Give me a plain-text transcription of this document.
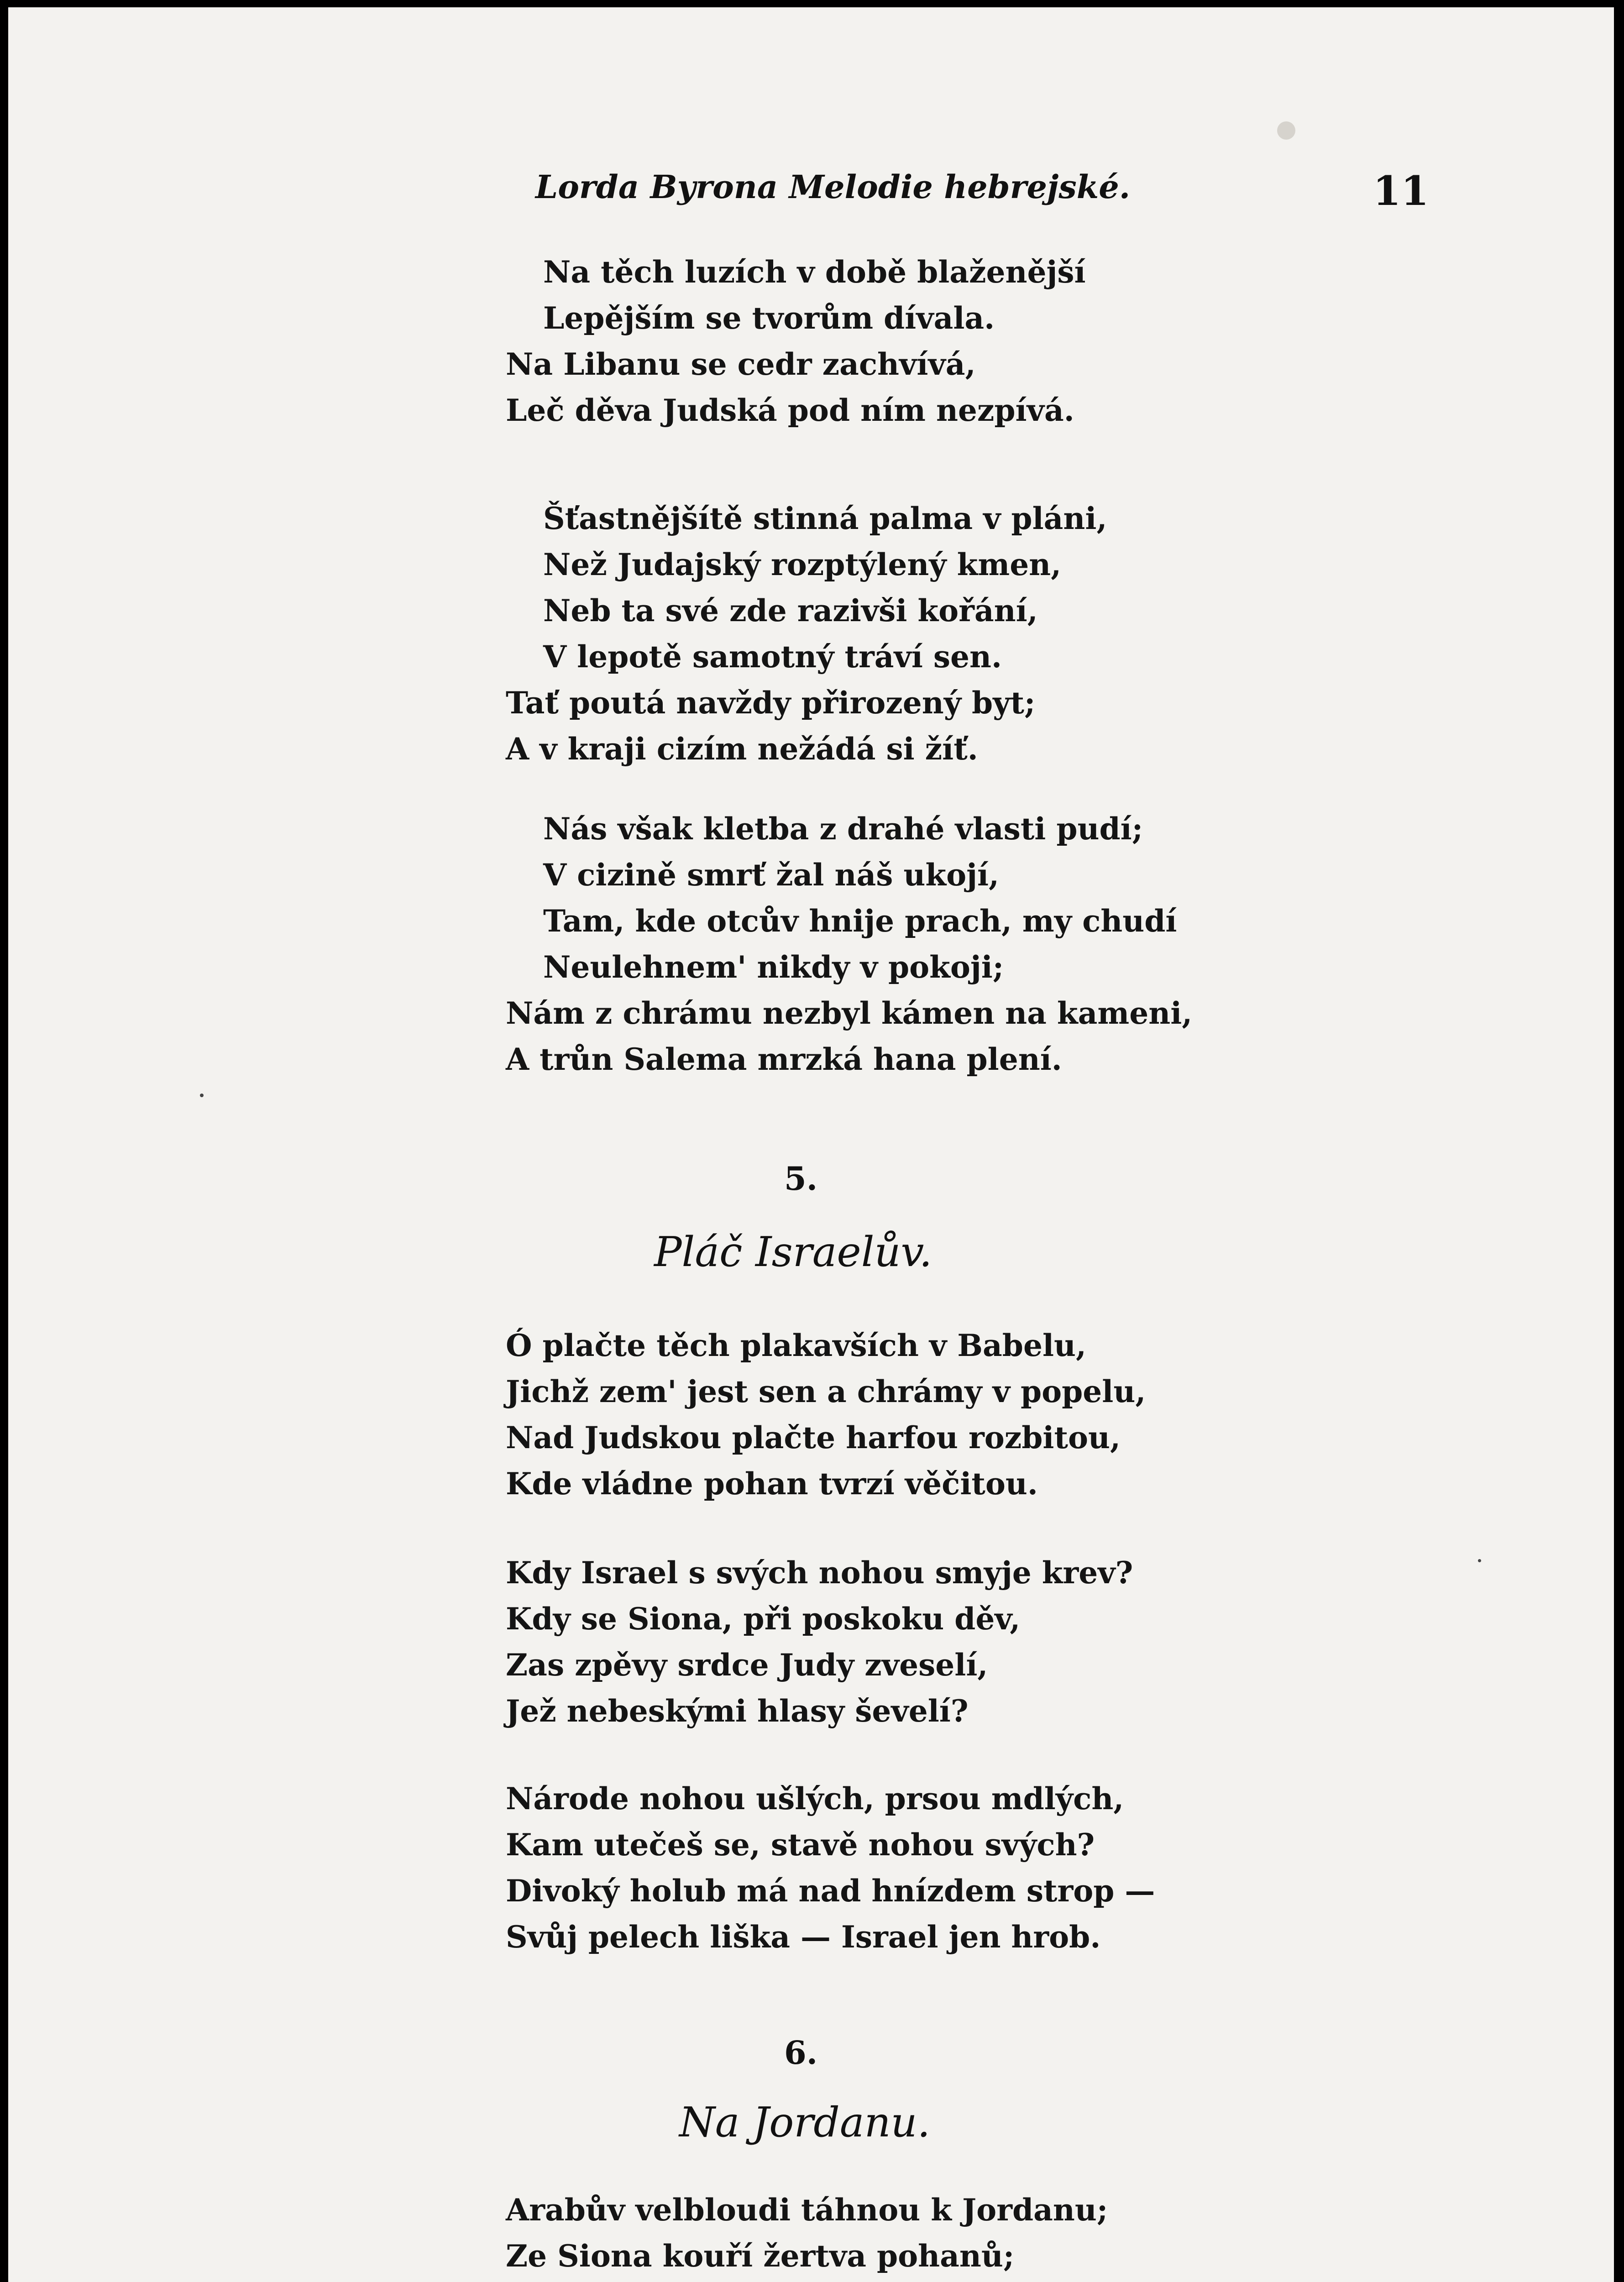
Lorda Byrona Melodie hebrejské.	11
Na těch luzích v době blaženější
Lepějším se tvorům dívala.
Na Libanu se cedr zachvívá,
Leč děva Judská pod ním nezpívá.
Šťastnějšítě stinná palma v pláni,
Než Judajský rozptýlený kmen,
Neb ta své zde razivši kořání,
V lepotě samotný tráví sen.
Tať poutá navždy přirozený byt;
A v kraji cizím nežádá si žíť.
Nás však kletba z drahé vlasti pudí;
V cizině smrť žal náš ukojí,
Tam, kde otcův hnije prach, my chudí
Neulehnem' nikdy v pokoji;
Nám z chrámu nezbyl kámen na kameni,
A trůn Salema mrzká hana plení.
5.
Pláč Israelův.
Ó plačte těch plakavších v Babelu,
Jichž zem' jest sen a chrámy v popelu,
Nad Judskou plačte harfou rozbitou,
Kde vládne pohan tvrzí věčitou.
Kdy Israel s svých nohou smyje krev?
Kdy se Siona, při poskoku děv,
Zas zpěvy srdce Judy zveselí,
Jež nebeskými hlasy ševelí?
Národe nohou ušlých, prsou mdlých,
Kam utečeš se, stavě nohou svých?
Divoký holub má nad hnízdem strop —
Svůj pelech liška — Israel jen hrob.
6.
Na Jordanu.
Arabův velbloudi táhnou k Jordanu;
Ze Siona kouří žertva pohanů;
